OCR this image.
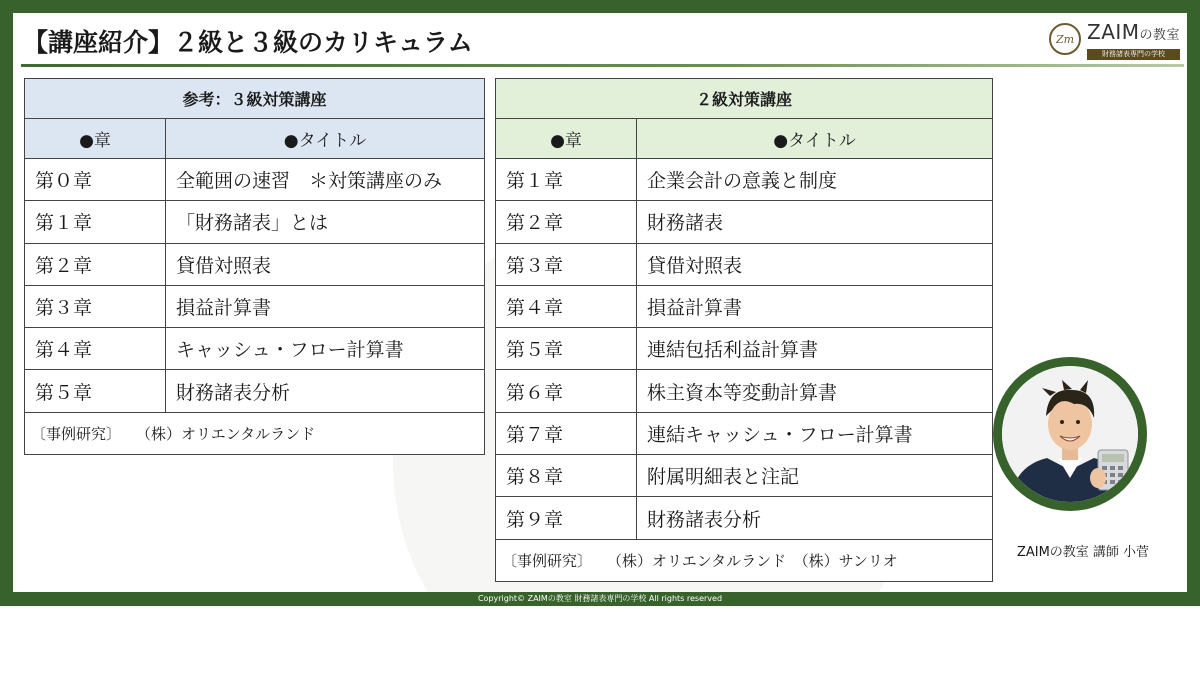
【講座紹介】２級と３級のカリキュラム	Zm ZAIMの教室
財務諸表専門の学校
参考：３級対策講座	
●章	●タイトル
第０章	全範囲の速習　＊対策講座のみ
第１章	「財務諸表」とは
第２章	貸借対照表
第３章	損益計算書
第４章	キャッシュ・フロー計算書
第５章	財務諸表分析
〔事例研究〕　　（株）オリエンタルランド	
２級対策講座	
●章	●タイトル
第１章	企業会計の意義と制度
第２章	財務諸表
第３章	貸借対照表
第４章	損益計算書
第５章	連結包括利益計算書
第６章	株主資本等変動計算書
第７章	連結キャッシュ・フロー計算書
第８章	附属明細表と注記
第９章	財務諸表分析
〔事例研究〕　　（株）オリエンタルランド　（株）サンリオ		ZAIMの教室 講師 小菅
Copyright© ZAIMの教室 財務諸表専門の学校 All rights reserved
